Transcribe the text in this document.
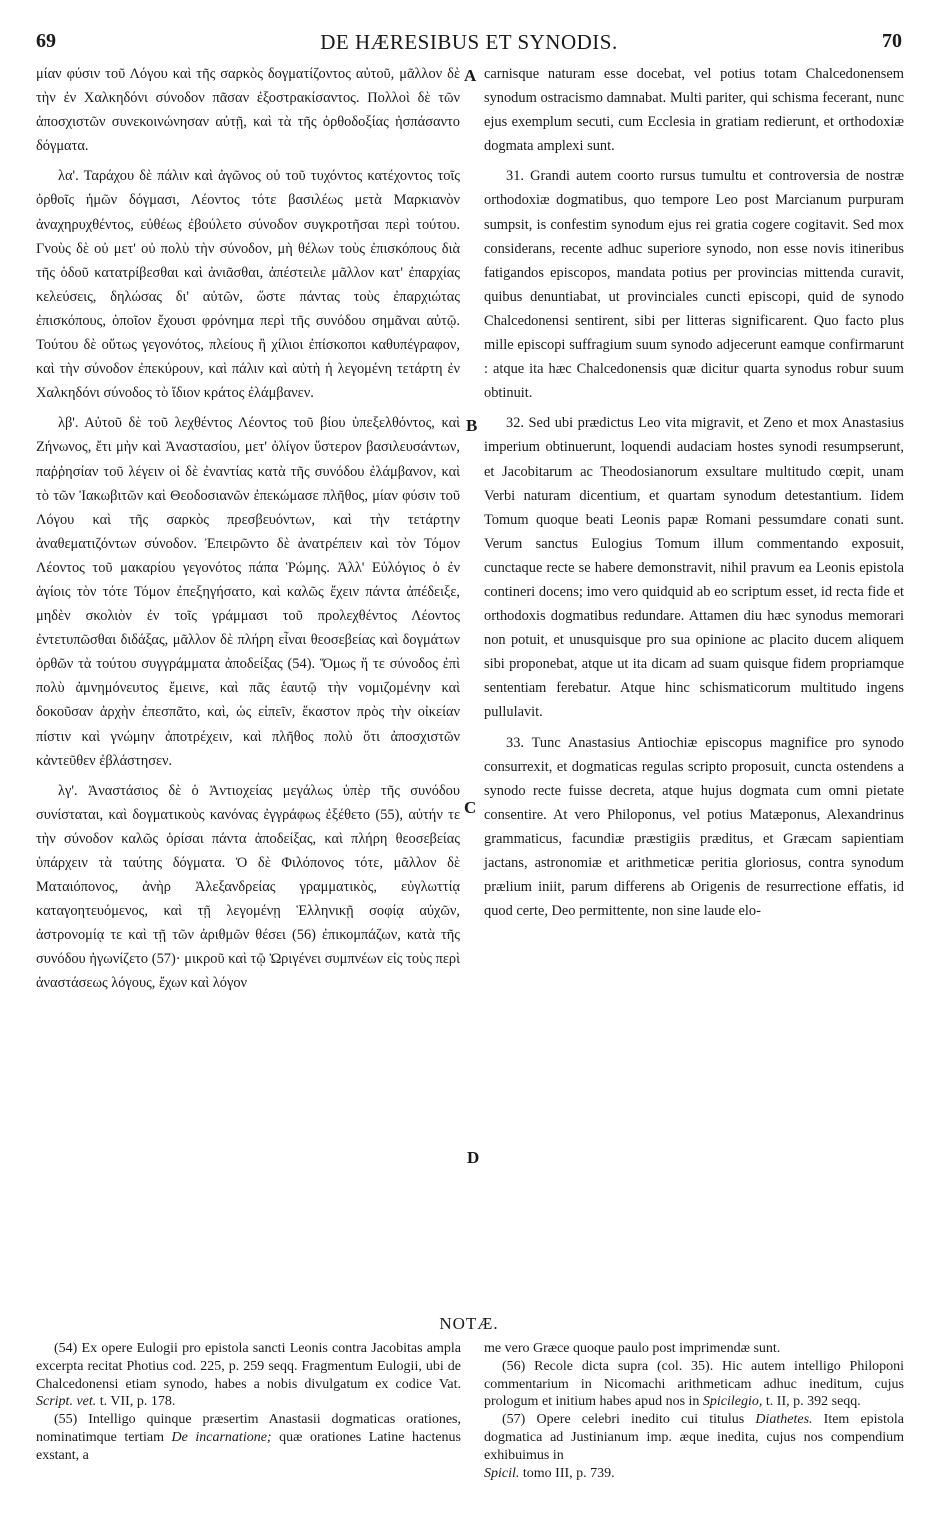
69	DE HÆRESIBUS ET SYNODIS.	70

μίαν φύσιν τοῦ Λόγου καὶ τῆς σαρκὸς δογματίζοντος αὐτοῦ, μᾶλλον δὲ τὴν ἐν Χαλκηδόνι σύνοδον πᾶσαν ἐξοστρακίσαντος. Πολλοὶ δὲ τῶν ἀποσχιστῶν συνεκοινώνησαν αὐτῇ, καὶ τὰ τῆς ὀρθοδοξίας ἠσπάσαντο δόγματα.

λα'. Ταράχου δὲ πάλιν καὶ ἀγῶνος οὐ τοῦ τυχόντος κατέχοντος τοῖς ὀρθοῖς ἡμῶν δόγμασι, Λέοντος τότε βασιλέως μετὰ Μαρκιανὸν ἀναχηρυχθέντος, εὐθέως ἐβούλετο σύνοδον συγκροτῆσαι περὶ τούτου. Γνοὺς δὲ οὐ μετ' οὐ πολὺ τὴν σύνοδον, μὴ θέλων τοὺς ἐπισκόπους διὰ τῆς ὁδοῦ κατατρίβεσθαι καὶ ἀνιᾶσθαι, ἀπέστειλε μᾶλλον κατ' ἐπαρχίας κελεύσεις, δηλώσας δι' αὐτῶν, ὥστε πάντας τοὺς ἐπαρχιώτας ἐπισκόπους, ὁποῖον ἔχουσι φρόνημα περὶ τῆς συνόδου σημᾶναι αὐτῷ. Τούτου δὲ οὕτως γεγονότος, πλείους ἢ χίλιοι ἐπίσκοποι καθυπέγραφον, καὶ τὴν σύνοδον ἐπεκύρουν, καὶ πάλιν καὶ αὐτὴ ἡ λεγομένη τετάρτη ἐν Χαλκηδόνι σύνοδος τὸ ἴδιον κράτος ἐλάμβανεν.

λβ'. Αὐτοῦ δὲ τοῦ λεχθέντος Λέοντος τοῦ βίου ὑπεξελθόντος, καὶ Ζήνωνος, ἔτι μὴν καὶ Ἀναστασίου, μετ' ὀλίγον ὕστερον βασιλευσάντων, παῤῥησίαν τοῦ λέγειν οἱ δὲ ἐναντίας κατὰ τῆς συνόδου ἐλάμβανον, καὶ τὸ τῶν Ἰακωβιτῶν καὶ Θεοδοσιανῶν ἐπεκώμασε πλῆθος, μίαν φύσιν τοῦ Λόγου καὶ τῆς σαρκὸς πρεσβευόντων, καὶ τὴν τετάρτην ἀναθεματιζόντων σύνοδον. Ἐπειρῶντο δὲ ἀνατρέπειν καὶ τὸν Τόμον Λέοντος τοῦ μακαρίου γεγονότος πάπα Ῥώμης. Ἀλλ' Εὐλόγιος ὁ ἐν ἁγίοις τὸν τότε Τόμον ἐπεξηγήσατο, καὶ καλῶς ἔχειν πάντα ἀπέδειξε, μηδὲν σκολιὸν ἐν τοῖς γράμμασι τοῦ προλεχθέντος Λέοντος ἐντετυπῶσθαι διδάξας, μᾶλλον δὲ πλήρη εἶναι θεοσεβείας καὶ δογμάτων ὀρθῶν τὰ τούτου συγγράμματα ἀποδείξας (54). Ὅμως ἥ τε σύνοδος ἐπὶ πολὺ ἀμνημόνευτος ἔμεινε, καὶ πᾶς ἑαυτῷ τὴν νομιζομένην καὶ δοκοῦσαν ἀρχὴν ἐπεσπᾶτο, καὶ, ὡς εἰπεῖν, ἕκαστον πρὸς τὴν οἰκείαν πίστιν καὶ γνώμην ἀποτρέχειν, καὶ πλῆθος πολὺ ὅτι ἀποσχιστῶν κἀντεῦθεν ἐβλάστησεν.

λγ'. Ἀναστάσιος δὲ ὁ Ἀντιοχείας μεγάλως ὑπὲρ τῆς συνόδου συνίσταται, καὶ δογματικοὺς κανόνας ἐγγράφως ἐξέθετο (55), αὐτήν τε τὴν σύνοδον καλῶς ὁρίσαι πάντα ἀποδείξας, καὶ πλήρη θεοσεβείας ὑπάρχειν τὰ ταύτης δόγματα. Ὁ δὲ Φιλόπονος τότε, μᾶλλον δὲ Ματαιόπονος, ἀνὴρ Ἀλεξανδρείας γραμματικὸς, εὐγλωττίᾳ καταγοητευόμενος, καὶ τῇ λεγομένῃ Ἑλληνικῇ σοφίᾳ αὐχῶν, ἀστρονομίᾳ τε καὶ τῇ τῶν ἀριθμῶν θέσει (56) ἐπικομπάζων, κατὰ τῆς συνόδου ἠγωνίζετο (57)· μικροῦ καὶ τῷ Ὠριγένει συμπνέων εἰς τοὺς περὶ ἀναστάσεως λόγους, ἔχων καὶ λόγον

A
B
C
D

carnisque naturam esse docebat, vel potius totam Chalcedonensem synodum ostracismo damnabat. Multi pariter, qui schisma fecerant, nunc ejus exemplum secuti, cum Ecclesia in gratiam redierunt, et orthodoxiæ dogmata amplexi sunt.

31. Grandi autem coorto rursus tumultu et controversia de nostræ orthodoxiæ dogmatibus, quo tempore Leo post Marcianum purpuram sumpsit, is confestim synodum ejus rei gratia cogere cogitavit. Sed mox considerans, recente adhuc superiore synodo, non esse novis itineribus fatigandos episcopos, mandata potius per provincias mittenda curavit, quibus denuntiabat, ut provinciales cuncti episcopi, quid de synodo Chalcedonensi sentirent, sibi per litteras significarent. Quo facto plus mille episcopi suffragium suum synodo adjecerunt eamque confirmarunt : atque ita hæc Chalcedonensis quæ dicitur quarta synodus robur suum obtinuit.

32. Sed ubi prædictus Leo vita migravit, et Zeno et mox Anastasius imperium obtinuerunt, loquendi audaciam hostes synodi resumpserunt, et Jacobitarum ac Theodosianorum exsultare multitudo cœpit, unam Verbi naturam dicentium, et quartam synodum detestantium. Iidem Tomum quoque beati Leonis papæ Romani pessumdare conati sunt. Verum sanctus Eulogius Tomum illum commentando exposuit, cunctaque recte se habere demonstravit, nihil pravum ea Leonis epistola contineri docens; imo vero quidquid ab eo scriptum esset, id recta fide et orthodoxis dogmatibus redundare. Attamen diu hæc synodus memorari non potuit, et unusquisque pro sua opinione ac placito ducem aliquem sibi proponebat, atque ut ita dicam ad suam quisque fidem propriamque sententiam ferebatur. Atque hinc schismaticorum multitudo ingens pullulavit.

33. Tunc Anastasius Antiochiæ episcopus magnifice pro synodo consurrexit, et dogmaticas regulas scripto proposuit, cuncta ostendens a synodo recte fuisse decreta, atque hujus dogmata cum omni pietate consentire. At vero Philoponus, vel potius Matæponus, Alexandrinus grammaticus, facundiæ præstigiis præditus, et Græcam sapientiam jactans, astronomiæ et arithmeticæ peritia gloriosus, contra synodum prælium iniit, parum differens ab Origenis de resurrectione effatis, id quod certe, Deo permittente, non sine laude elo-

NOTÆ.

(54) Ex opere Eulogii pro epistola sancti Leonis contra Jacobitas ampla excerpta recitat Photius cod. 225, p. 259 seqq. Fragmentum Eulogii, ubi de Chalcedonensi etiam synodo, habes a nobis divulgatum ex codice Vat. Script. vet. t. VII, p. 178.

(55) Intelligo quinque præsertim Anastasii dogmaticas orationes, nominatimque tertiam De incarnatione; quæ orationes Latine hactenus exstant, a

me vero Græce quoque paulo post imprimendæ sunt.

(56) Recole dicta supra (col. 35). Hic autem intelligo Philoponi commentarium in Nicomachi arithmeticam adhuc ineditum, cujus prologum et initium habes apud nos in Spicilegio, t. II, p. 392 seqq.

(57) Opere celebri inedito cui titulus Diathetes. Item epistola dogmatica ad Justinianum imp. æque inedita, cujus nos compendium exhibuimus in

Spicil. tomo III, p. 739.
